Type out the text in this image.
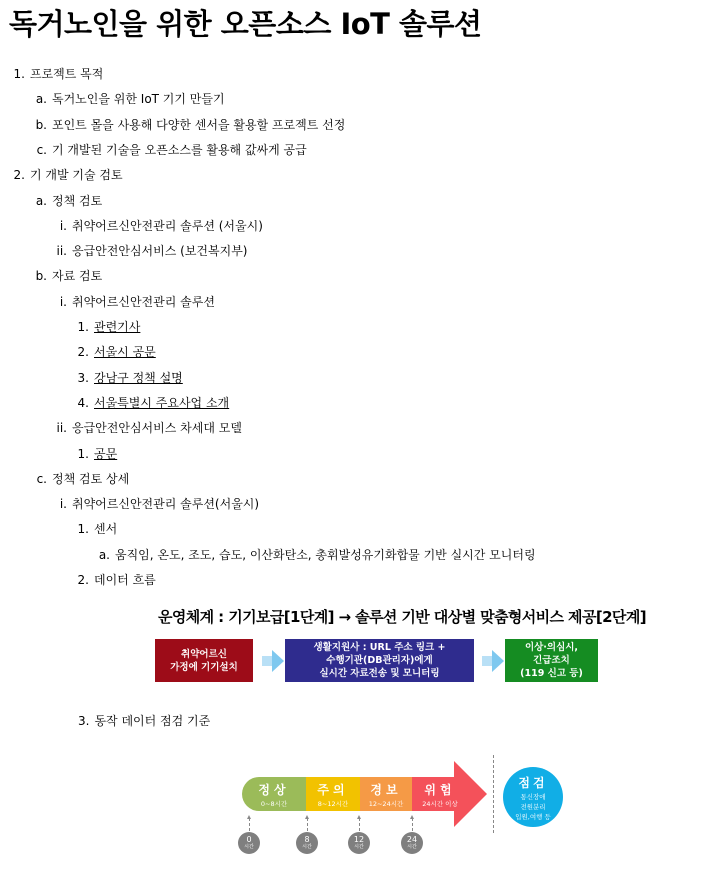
독거노인을 위한 오픈소스 IoT 솔루션
1. 프로젝트 목적
a. 독거노인을 위한 IoT 기기 만들기
b. 포인트 몰을 사용해 다양한 센서을 활용할 프로젝트 선정
c. 기 개발된 기술을 오픈소스를 활용해 값싸게 공급
2. 기 개발 기술 검토
a. 정책 검토
i. 취약어르신안전관리 솔루션 (서울시)
ii. 응급안전안심서비스 (보건복지부)
b. 자료 검토
i. 취약어르신안전관리 솔루션
1. 관련기사
2. 서울시 공문
3. 강남구 정책 설명
4. 서울특별시 주요사업 소개
ii. 응급안전안심서비스 차세대 모델
1. 공문
c. 정책 검토 상세
i. 취약어르신안전관리 솔루션(서울시)
1. 센서
a. 움직임, 온도, 조도, 습도, 이산화탄소, 총휘발성유기화합물 기반 실시간 모니터링
2. 데이터 흐름
운영체계 : 기기보급[1단계] → 솔루션 기반 대상별 맞춤형서비스 제공[2단계]
취약어르신
가정에 기기설치
생활지원사 : URL 주소 링크 +
수행기관(DB관리자)에게
실시간 자료전송 및 모니터링
이상·의심시,
긴급조치
(119 신고 등)
3. 동작 데이터 점검 기준
정상
0~8시간
주의
8~12시간
경보
12~24시간
위험
24시간 이상
0
시간
8
시간
12
시간
24
시간
점검
통신장애
전원분리
입원,여행 등
